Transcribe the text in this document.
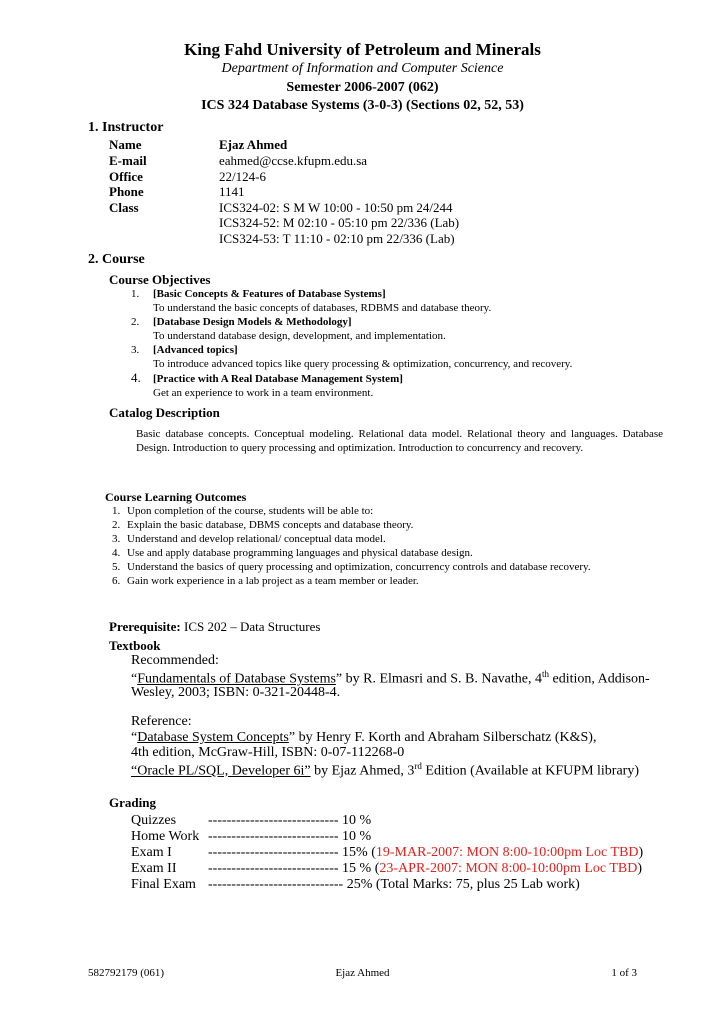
King Fahd University of Petroleum and Minerals
Department of Information and Computer Science
Semester 2006-2007 (062)
ICS 324 Database Systems (3-0-3) (Sections 02, 52, 53)
1. Instructor
Name	Ejaz Ahmed
E-mail	eahmed@ccse.kfupm.edu.sa
Office	22/124-6
Phone	1141
Class	ICS324-02: S M W 10:00 - 10:50 pm 24/244
ICS324-52: M 02:10 - 05:10 pm 22/336 (Lab)
ICS324-53: T 11:10 - 02:10 pm 22/336 (Lab)
2. Course
Course Objectives
1. [Basic Concepts & Features of Database Systems]
To understand the basic concepts of databases, RDBMS and database theory.
2. [Database Design Models & Methodology]
To understand database design, development, and implementation.
3. [Advanced topics]
To introduce advanced topics like query processing & optimization, concurrency, and recovery.
4. [Practice with A Real Database Management System]
Get an experience to work in a team environment.
Catalog Description
Basic database concepts. Conceptual modeling. Relational data model. Relational theory and languages. Database Design. Introduction to query processing and optimization. Introduction to concurrency and recovery.
Course Learning Outcomes
1. Upon completion of the course, students will be able to:
2. Explain the basic database, DBMS concepts and database theory.
3. Understand and develop relational/ conceptual data model.
4. Use and apply database programming languages and physical database design.
5. Understand the basics of query processing and optimization, concurrency controls and database recovery.
6. Gain work experience in a lab project as a team member or leader.
Prerequisite: ICS 202 – Data Structures
Textbook
Recommended:
“Fundamentals of Database Systems” by R. Elmasri and S. B. Navathe, 4th edition, Addison-
Wesley, 2003; ISBN: 0-321-20448-4.
Reference:
“Database System Concepts” by Henry F. Korth and Abraham Silberschatz (K&S),
4th edition, McGraw-Hill, ISBN: 0-07-112268-0
“Oracle PL/SQL, Developer 6i” by Ejaz Ahmed, 3rd Edition (Available at KFUPM library)
Grading
Quizzes ---------------------------- 10 %
Home Work ---------------------------- 10 %
Exam I	---------------------------- 15% (19-MAR-2007: MON 8:00-10:00pm Loc TBD)
Exam II ---------------------------- 15 % (23-APR-2007: MON 8:00-10:00pm Loc TBD)
Final Exam ----------------------------- 25% (Total Marks: 75, plus 25 Lab work)
582792179 (061)	Ejaz Ahmed	1 of 3
